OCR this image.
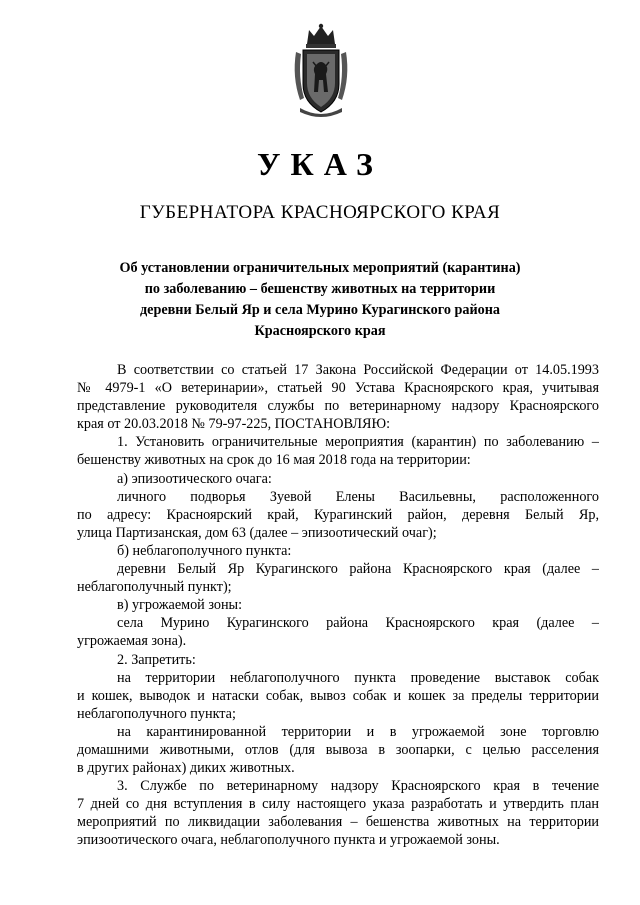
УКАЗ
ГУБЕРНАТОРА КРАСНОЯРСКОГО КРАЯ
Об установлении ограничительных мероприятий (карантина)
по заболеванию – бешенству животных на территории
деревни Белый Яр и села Мурино Курагинского района
Красноярского края
В соответствии со статьей 17 Закона Российской Федерации от 14.05.1993
№ 4979-1 «О ветеринарии», статьей 90 Устава Красноярского края, учитывая
представление руководителя службы по ветеринарному надзору Красноярского
края от 20.03.2018 № 79-97-225, ПОСТАНОВЛЯЮ:
1. Установить ограничительные мероприятия (карантин) по заболеванию –
бешенству животных на срок до 16 мая 2018 года на территории:
а) эпизоотического очага:
личного подворья Зуевой Елены Васильевны, расположенного
по адресу: Красноярский край, Курагинский район, деревня Белый Яр,
улица Партизанская, дом 63 (далее – эпизоотический очаг);
б) неблагополучного пункта:
деревни Белый Яр Курагинского района Красноярского края (далее –
неблагополучный пункт);
в) угрожаемой зоны:
села Мурино Курагинского района Красноярского края (далее –
угрожаемая зона).
2. Запретить:
на территории неблагополучного пункта проведение выставок собак
и кошек, выводок и натаски собак, вывоз собак и кошек за пределы территории
неблагополучного пункта;
на карантинированной территории и в угрожаемой зоне торговлю
домашними животными, отлов (для вывоза в зоопарки, с целью расселения
в других районах) диких животных.
3. Службе по ветеринарному надзору Красноярского края в течение
7 дней со дня вступления в силу настоящего указа разработать и утвердить план
мероприятий по ликвидации заболевания – бешенства животных на территории
эпизоотического очага, неблагополучного пункта и угрожаемой зоны.
